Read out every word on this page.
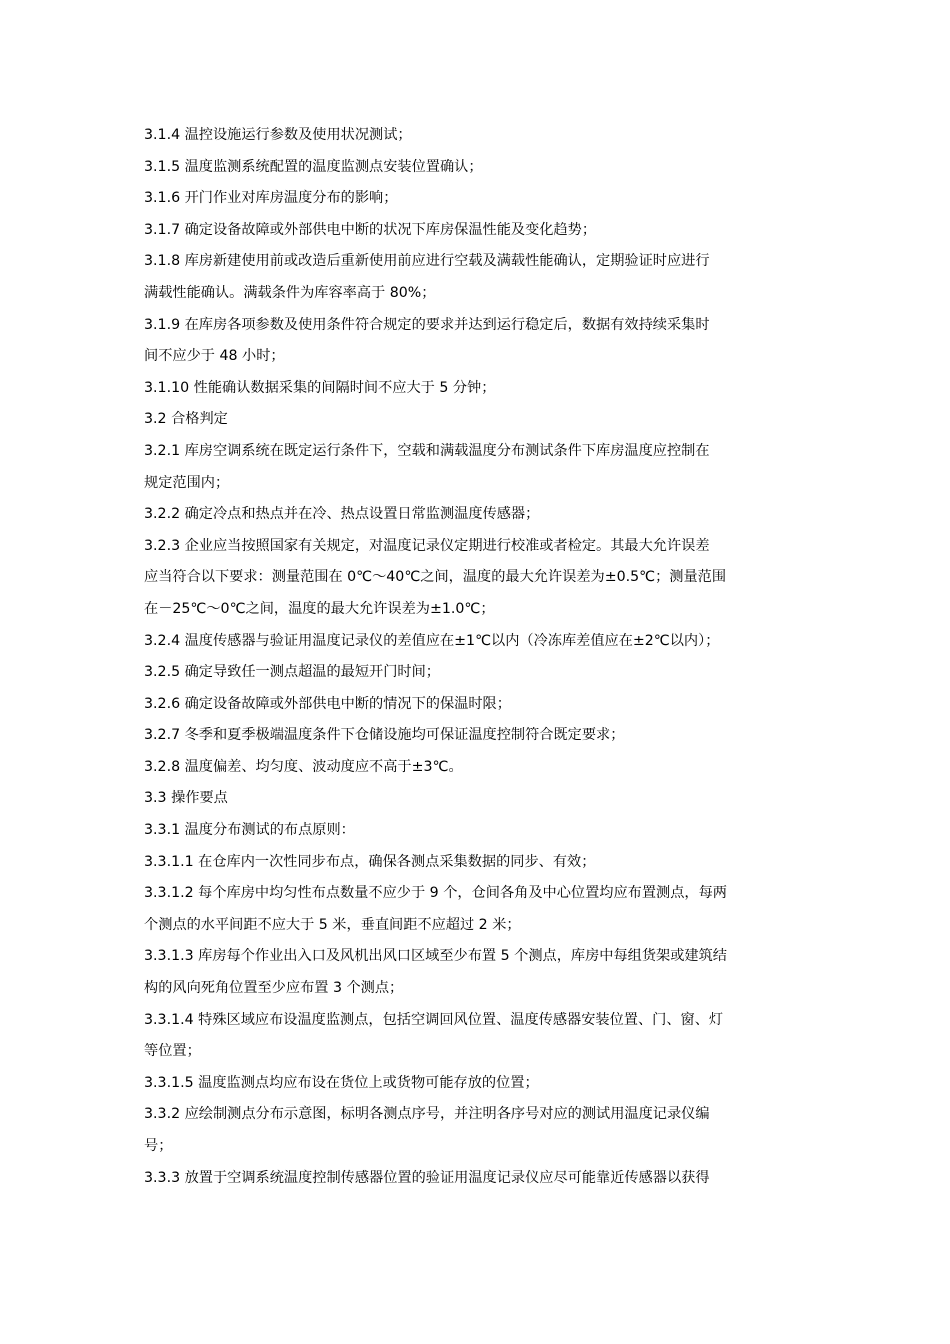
3.1.4 温控设施运行参数及使用状况测试；
3.1.5 温度监测系统配置的温度监测点安装位置确认；
3.1.6 开门作业对库房温度分布的影响；
3.1.7 确定设备故障或外部供电中断的状况下库房保温性能及变化趋势；
3.1.8 库房新建使用前或改造后重新使用前应进行空载及满载性能确认，定期验证时应进行
满载性能确认。满载条件为库容率高于 80%；
3.1.9 在库房各项参数及使用条件符合规定的要求并达到运行稳定后，数据有效持续采集时
间不应少于 48 小时；
3.1.10 性能确认数据采集的间隔时间不应大于 5 分钟；
3.2 合格判定
3.2.1 库房空调系统在既定运行条件下，空载和满载温度分布测试条件下库房温度应控制在
规定范围内；
3.2.2 确定冷点和热点并在冷、热点设置日常监测温度传感器；
3.2.3 企业应当按照国家有关规定，对温度记录仪定期进行校准或者检定。其最大允许误差
应当符合以下要求：测量范围在 0℃～40℃之间，温度的最大允许误差为±0.5℃；测量范围
在－25℃～0℃之间，温度的最大允许误差为±1.0℃；
3.2.4 温度传感器与验证用温度记录仪的差值应在±1℃以内（冷冻库差值应在±2℃以内）；
3.2.5 确定导致任一测点超温的最短开门时间；
3.2.6 确定设备故障或外部供电中断的情况下的保温时限；
3.2.7 冬季和夏季极端温度条件下仓储设施均可保证温度控制符合既定要求；
3.2.8 温度偏差、均匀度、波动度应不高于±3℃。
3.3 操作要点
3.3.1 温度分布测试的布点原则：
3.3.1.1 在仓库内一次性同步布点，确保各测点采集数据的同步、有效；
3.3.1.2 每个库房中均匀性布点数量不应少于 9 个，仓间各角及中心位置均应布置测点，每两
个测点的水平间距不应大于 5 米，垂直间距不应超过 2 米；
3.3.1.3 库房每个作业出入口及风机出风口区域至少布置 5 个测点，库房中每组货架或建筑结
构的风向死角位置至少应布置 3 个测点；
3.3.1.4 特殊区域应布设温度监测点，包括空调回风位置、温度传感器安装位置、门、窗、灯
等位置；
3.3.1.5 温度监测点均应布设在货位上或货物可能存放的位置；
3.3.2 应绘制测点分布示意图，标明各测点序号，并注明各序号对应的测试用温度记录仪编
号；
3.3.3 放置于空调系统温度控制传感器位置的验证用温度记录仪应尽可能靠近传感器以获得
